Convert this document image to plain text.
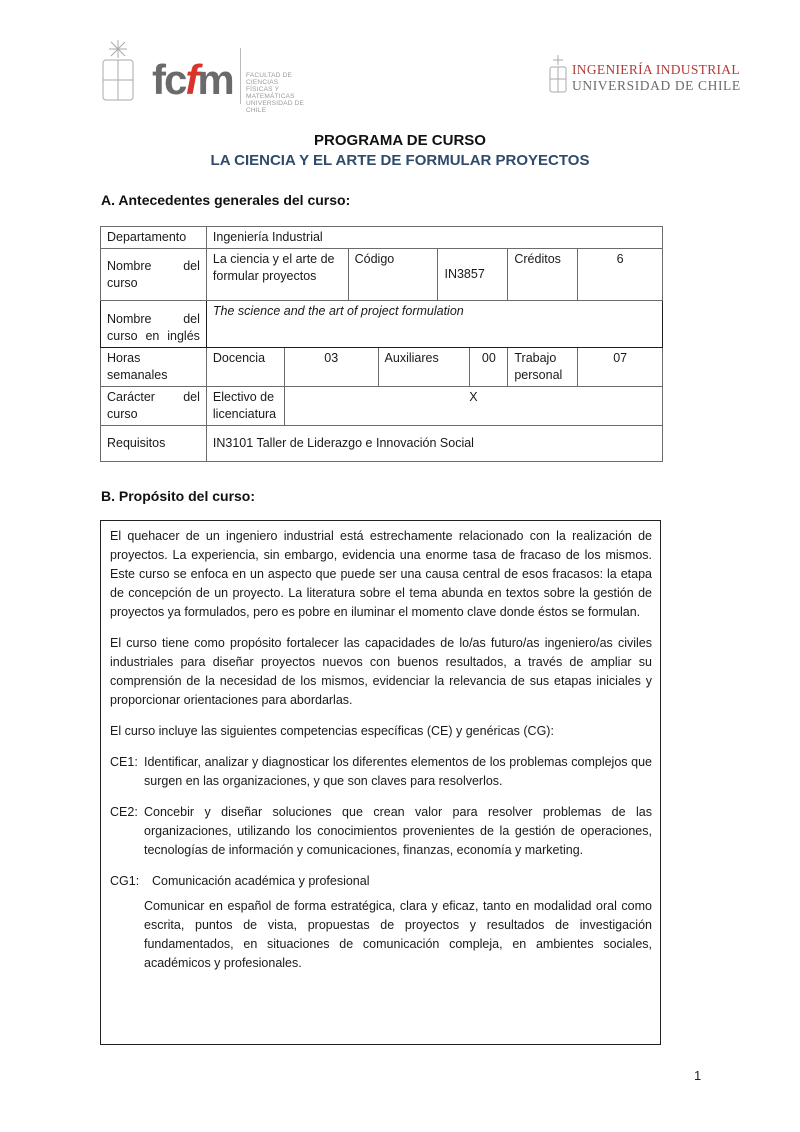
fcfm FACULTAD DE CIENCIAS
FÍSICAS Y MATEMÁTICAS
UNIVERSIDAD DE CHILE
INGENIERÍA INDUSTRIAL
UNIVERSIDAD DE CHILE
PROGRAMA DE CURSO
LA CIENCIA Y EL ARTE DE FORMULAR PROYECTOS
A. Antecedentes generales del curso:
Departamento	Ingeniería Industrial							
Nombre del curso	La ciencia y el arte de formular proyectos		Código		IN3857		Créditos	6
Nombre del curso en inglés	The science and the art of project formulation							
Horas semanales	Docencia	03		Auxiliares		00	Trabajo personal	07
Carácter del curso	Electivo de licenciatura	X						
Requisitos	IN3101 Taller de Liderazgo e Innovación Social							
B. Propósito del curso:

El quehacer de un ingeniero industrial está estrechamente relacionado con la realización de proyectos. La experiencia, sin embargo, evidencia una enorme tasa de fracaso de los mismos. Este curso se enfoca en un aspecto que puede ser una causa central de esos fracasos: la etapa de concepción de un proyecto. La literatura sobre el tema abunda en textos sobre la gestión de proyectos ya formulados, pero es pobre en iluminar el momento clave donde éstos se formulan.

El curso tiene como propósito fortalecer las capacidades de lo/as futuro/as ingeniero/as civiles industriales para diseñar proyectos nuevos con buenos resultados, a través de ampliar su comprensión de la necesidad de los mismos, evidenciar la relevancia de sus etapas iniciales y proporcionar orientaciones para abordarlas.

El curso incluye las siguientes competencias específicas (CE) y genéricas (CG):

CE1: Identificar, analizar y diagnosticar los diferentes elementos de los problemas complejos que surgen en las organizaciones, y que son claves para resolverlos.
CE2: Concebir y diseñar soluciones que crean valor para resolver problemas de las organizaciones, utilizando los conocimientos provenientes de la gestión de operaciones, tecnologías de información y comunicaciones, finanzas, economía y marketing.
CG1:	Comunicación académica y profesional
Comunicar en español de forma estratégica, clara y eficaz, tanto en modalidad oral como escrita, puntos de vista, propuestas de proyectos y resultados de investigación fundamentados, en situaciones de comunicación compleja, en ambientes sociales, académicos y profesionales.
1
